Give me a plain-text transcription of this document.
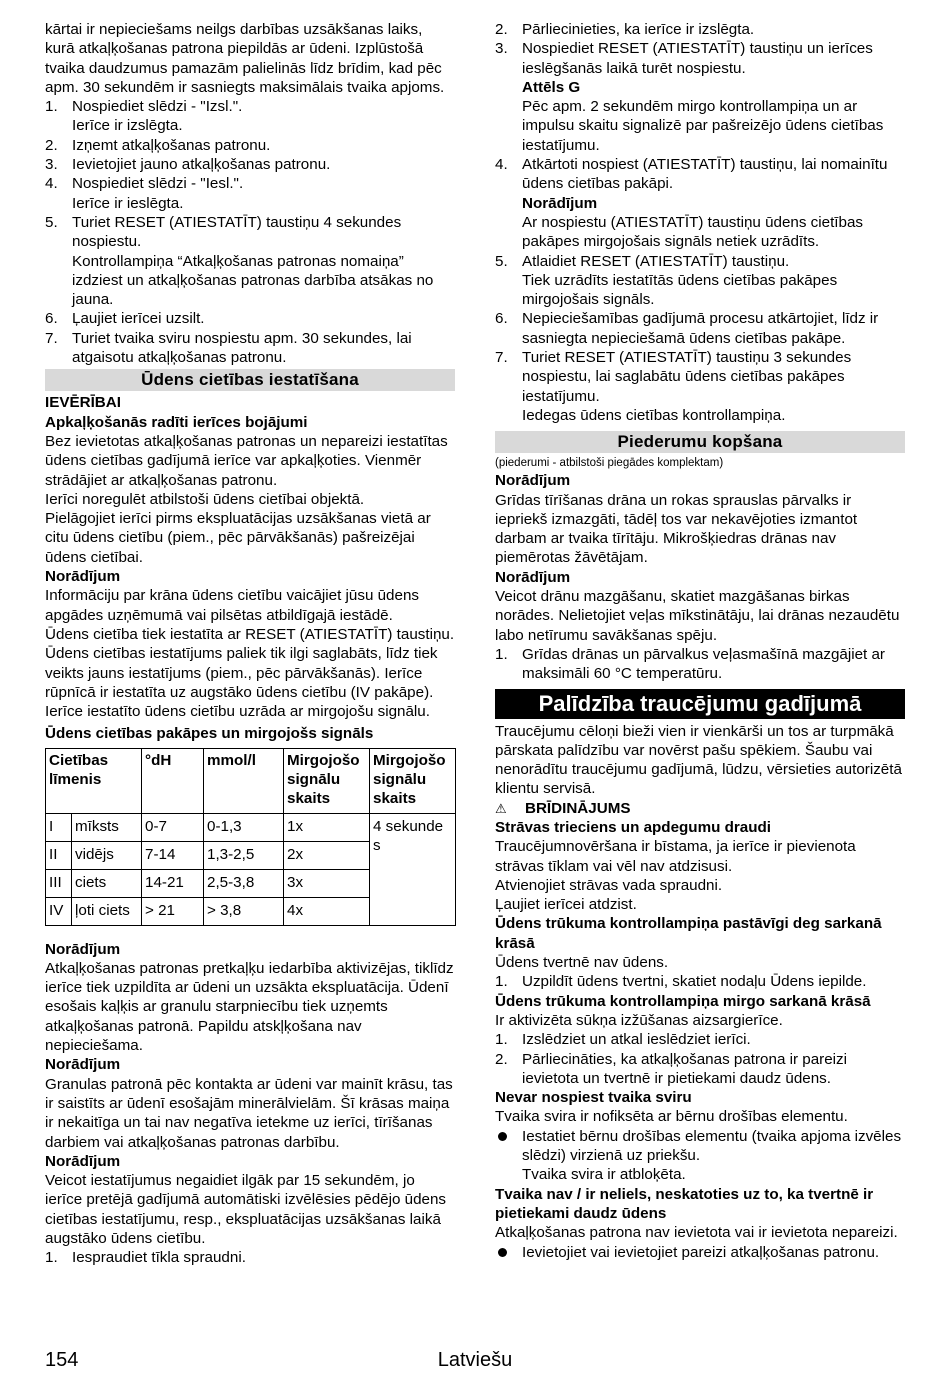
kārtai ir nepieciešams neilgs darbības uzsākšanas laiks, kurā atkaļķošanas patrona piepildās ar ūdeni. Izplūstošā tvaika daudzumus pamazām palielinās līdz brīdim, kad pēc apm. 30 sekundēm ir sasniegts maksimālais tvaika apjoms.

1. Nospiediet slēdzi - "Izsl.".
Ierīce ir izslēgta.
2. Izņemt atkaļķošanas patronu.
3. Ievietojiet jauno atkaļķošanas patronu.
4. Nospiediet slēdzi - "Iesl.".
Ierīce ir ieslēgta.
5. Turiet RESET (ATIESTATĪT) taustiņu 4 sekundes nospiestu.
Kontrollampiņa “Atkaļķošanas patronas nomaiņa” izdziest un atkaļķošanas patronas darbība atsākas no jauna.
6. Ļaujiet ierīcei uzsilt.
7. Turiet tvaika sviru nospiestu apm. 30 sekundes, lai atgaisotu atkaļķošanas patronu.
Ūdens cietības iestatīšana

IEVĒRĪBAI

Apkaļķošanās radīti ierīces bojājumi

Bez ievietotas atkaļķošanas patronas un nepareizi iestatītas ūdens cietības gadījumā ierīce var apkaļķoties. Vienmēr strādājiet ar atkaļķošanas patronu.

Ierīci noregulēt atbilstoši ūdens cietībai objektā.

Pielāgojiet ierīci pirms ekspluatācijas uzsākšanas vietā ar citu ūdens cietību (piem., pēc pārvākšanās) pašreizējai ūdens cietībai.

Norādījum

Informāciju par krāna ūdens cietību vaicājiet jūsu ūdens apgādes uzņēmumā vai pilsētas atbildīgajā iestādē.

Ūdens cietība tiek iestatīta ar RESET (ATIESTATĪT) taustiņu. Ūdens cietības iestatījums paliek tik ilgi saglabāts, līdz tiek veikts jauns iestatījums (piem., pēc pārvākšanās). Ierīce rūpnīcā ir iestatīta uz augstāko ūdens cietību (IV pakāpe). Ierīce iestatīto ūdens cietību uzrāda ar mirgojošu signālu.

Ūdens cietības pakāpes un mirgojošs signāls

Cietības līmenis		°dH	mmol/l	Mirgojošo signālu skaits	Mirgojošo signālu skaits
I	mīksts	0-7	0-1,3	1x	4 sekunde s
II	vidējs	7-14	1,3-2,5	2x	
III	ciets	14-21	2,5-3,8	3x	
IV	ļoti ciets	> 21	> 3,8	4x	

Norādījum

Atkaļķošanas patronas pretkaļķu iedarbība aktivizējas, tiklīdz ierīce tiek uzpildīta ar ūdeni un uzsākta ekspluatācija. Ūdenī esošais kaļķis ar granulu starpniecību tiek uzņemts atkaļķošanas patronā. Papildu atskļķošana nav nepieciešama.

Norādījum

Granulas patronā pēc kontakta ar ūdeni var mainīt krāsu, tas ir saistīts ar ūdenī esošajām minerālvielām. Šī krāsas maiņa ir nekaitīga un tai nav negatīva ietekme uz ierīci, tīrīšanas darbiem vai atkaļķošanas patronas darbību.

Norādījum

Veicot iestatījumus negaidiet ilgāk par 15 sekundēm, jo ierīce pretējā gadījumā automātiski izvēlēsies pēdējo ūdens cietības iestatījumu, resp., ekspluatācijas uzsākšanas laikā augstāko ūdens cietību.

1. Iespraudiet tīkla spraudni.
2. Pārliecinieties, ka ierīce ir izslēgta.
3. Nospiediet RESET (ATIESTATĪT) taustiņu un ierīces ieslēgšanās laikā turēt nospiestu.
Attēls G
Pēc apm. 2 sekundēm mirgo kontrollampiņa un ar impulsu skaitu signalizē par pašreizējo ūdens cietības iestatījumu.
4. Atkārtoti nospiest (ATIESTATĪT) taustiņu, lai nomainītu ūdens cietības pakāpi.
Norādījum
Ar nospiestu (ATIESTATĪT) taustiņu ūdens cietības pakāpes mirgojošais signāls netiek uzrādīts.
5. Atlaidiet RESET (ATIESTATĪT) taustiņu.
Tiek uzrādīts iestatītās ūdens cietības pakāpes mirgojošais signāls.
6. Nepieciešamības gadījumā procesu atkārtojiet, līdz ir sasniegta nepieciešamā ūdens cietības pakāpe.
7. Turiet RESET (ATIESTATĪT) taustiņu 3 sekundes nospiestu, lai saglabātu ūdens cietības pakāpes iestatījumu.
Iedegas ūdens cietības kontrollampiņa.
Piederumu kopšana

(piederumi - atbilstoši piegādes komplektam)

Norādījum

Grīdas tīrīšanas drāna un rokas sprauslas pārvalks ir iepriekš izmazgāti, tādēļ tos var nekavējoties izmantot darbam ar tvaika tīrītāju. Mikrošķiedras drānas nav piemērotas žāvētājam.

Norādījum

Veicot drānu mazgāšanu, skatiet mazgāšanas birkas norādes. Nelietojiet veļas mīkstinātāju, lai drānas nezaudētu labo netīrumu savākšanas spēju.

1. Grīdas drānas un pārvalkus veļasmašīnā mazgājiet ar maksimāli 60 °C temperatūru.
Palīdzība traucējumu gadījumā

Traucējumu cēloņi bieži vien ir vienkārši un tos ar turpmākā pārskata palīdzību var novērst pašu spēkiem. Šaubu vai nenorādītu traucējumu gadījumā, lūdzu, vērsieties autorizētā klientu servisā.

⚠ BRĪDINĀJUMS

Strāvas trieciens un apdegumu draudi

Traucējumnovēršana ir bīstama, ja ierīce ir pievienota strāvas tīklam vai vēl nav atdzisusi.

Atvienojiet strāvas vada spraudni.

Ļaujiet ierīcei atdzist.

Ūdens trūkuma kontrollampiņa pastāvīgi deg sarkanā krāsā

Ūdens tvertnē nav ūdens.

1. Uzpildīt ūdens tvertni, skatiet nodaļu Ūdens iepilde.

Ūdens trūkuma kontrollampiņa mirgo sarkanā krāsā

Ir aktivizēta sūkņa izžūšanas aizsargierīce.

1. Izslēdziet un atkal ieslēdziet ierīci.
2. Pārliecināties, ka atkaļķošanas patrona ir pareizi ievietota un tvertnē ir pietiekami daudz ūdens.

Nevar nospiest tvaika sviru

Tvaika svira ir nofiksēta ar bērnu drošības elementu.

Iestatiet bērnu drošības elementu (tvaika apjoma izvēles slēdzi) virzienā uz priekšu.
Tvaika svira ir atbloķēta.

Tvaika nav / ir neliels, neskatoties uz to, ka tvertnē ir pietiekami daudz ūdens

Atkaļķošanas patrona nav ievietota vai ir ievietota nepareizi.

Ievietojiet vai ievietojiet pareizi atkaļķošanas patronu.
154	Latviešu
